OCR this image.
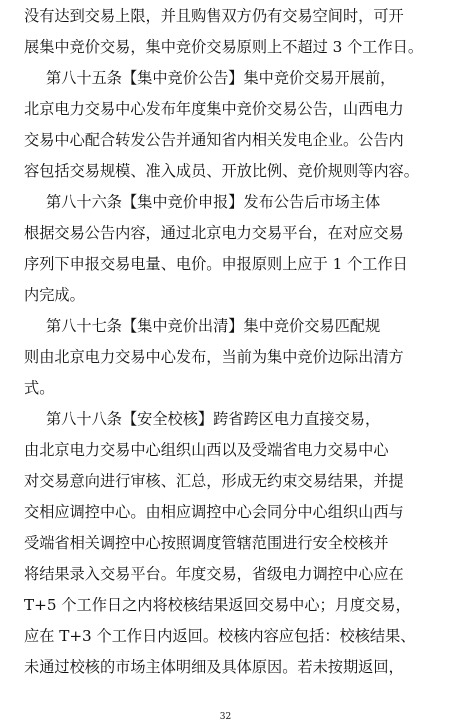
没有达到交易上限，并且购售双方仍有交易空间时，可开
展集中竞价交易，集中竞价交易原则上不超过 3 个工作日。
第八十五条【集中竞价公告】集中竞价交易开展前，
北京电力交易中心发布年度集中竞价交易公告，山西电力
交易中心配合转发公告并通知省内相关发电企业。公告内
容包括交易规模、准入成员、开放比例、竞价规则等内容。
第八十六条【集中竞价申报】发布公告后市场主体
根据交易公告内容，通过北京电力交易平台，在对应交易
序列下申报交易电量、电价。申报原则上应于 1 个工作日
内完成。
第八十七条【集中竞价出清】集中竞价交易匹配规
则由北京电力交易中心发布，当前为集中竞价边际出清方
式。
第八十八条【安全校核】跨省跨区电力直接交易，
由北京电力交易中心组织山西以及受端省电力交易中心
对交易意向进行审核、汇总，形成无约束交易结果，并提
交相应调控中心。由相应调控中心会同分中心组织山西与
受端省相关调控中心按照调度管辖范围进行安全校核并
将结果录入交易平台。年度交易，省级电力调控中心应在
T+5 个工作日之内将校核结果返回交易中心；月度交易，
应在 T+3 个工作日内返回。校核内容应包括：校核结果、
未通过校核的市场主体明细及具体原因。若未按期返回，
32
